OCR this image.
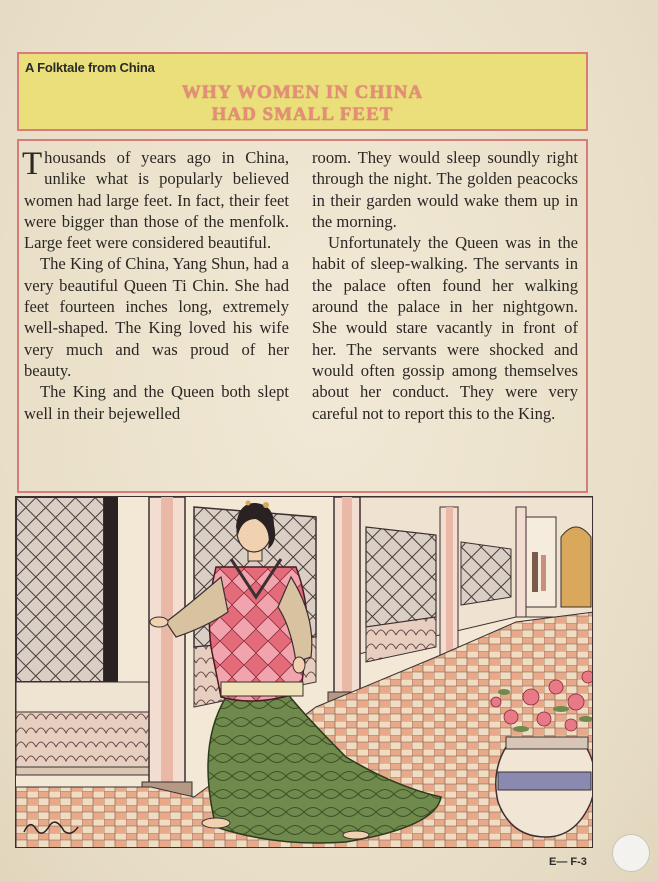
A Folktale from China
WHY WOMEN IN CHINA
HAD SMALL FEET

Thousands of years ago in China, unlike what is popularly believed women had large feet. In fact, their feet were bigger than those of the menfolk. Large feet were considered beautiful.

The King of China, Yang Shun, had a very beautiful Queen Ti Chin. She had feet fourteen inches long, extremely well-shaped. The King loved his wife very much and was proud of her beauty.

The King and the Queen both slept well in their bejewelled

room. They would sleep soundly right through the night. The golden peacocks in their garden would wake them up in the morning.

Unfortunately the Queen was in the habit of sleep-walking. The servants in the palace often found her walking around the palace in her nightgown. She would stare vacantly in front of her. The servants were shocked and would often gossip among themselves about her conduct. They were very careful not to report this to the King.

E— F-3
